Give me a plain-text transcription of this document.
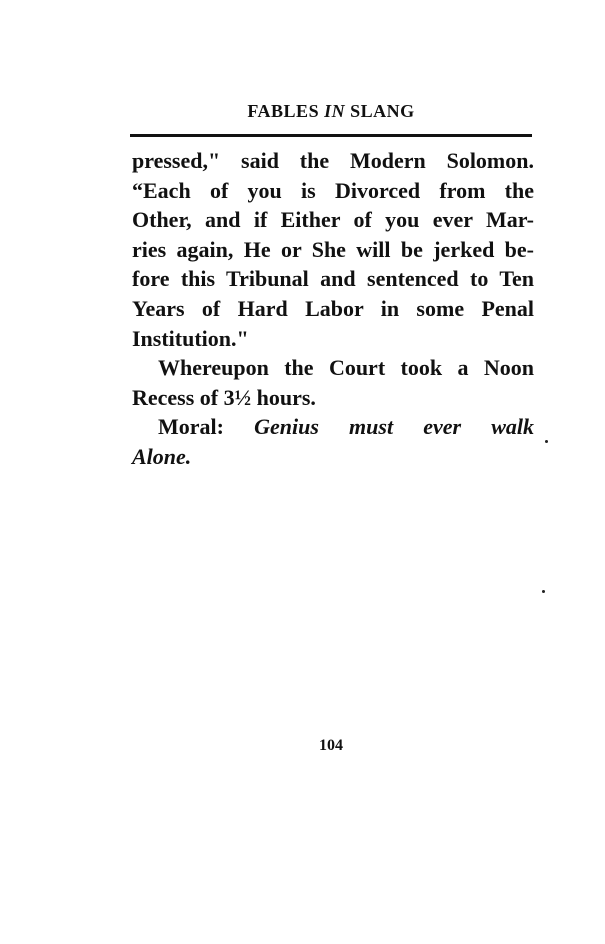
FABLES IN SLANG
pressed," said the Modern Solomon.
“Each of you is Divorced from the
Other, and if Either of you ever Mar-
ries again, He or She will be jerked be-
fore this Tribunal and sentenced to Ten
Years of Hard Labor in some Penal
Institution."
Whereupon the Court took a Noon
Recess of 3½ hours.
Moral: Genius must ever walk
Alone.
104
